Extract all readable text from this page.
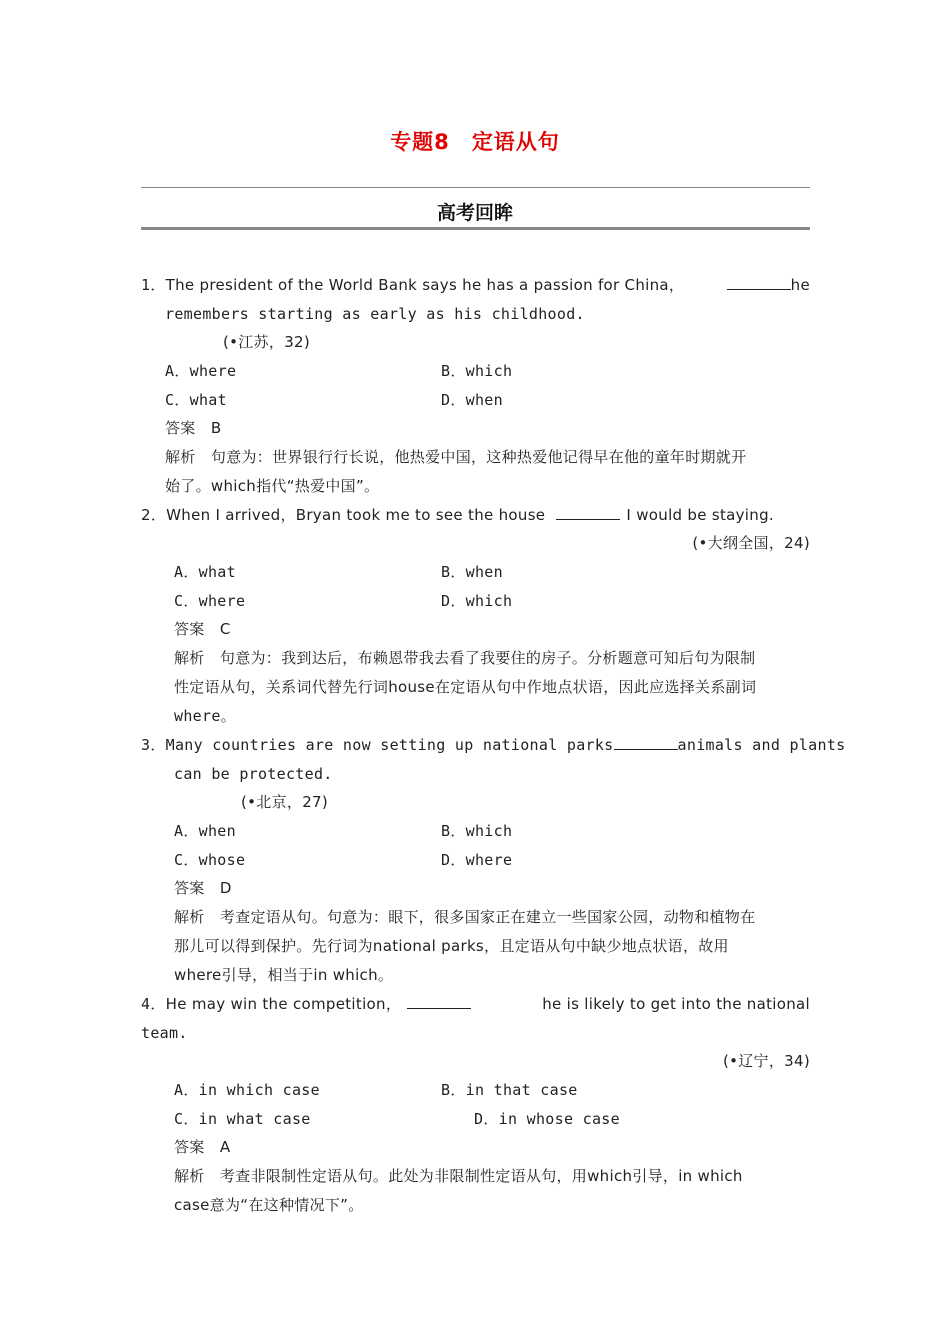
专题8 定语从句
高考回眸
1． The president of the World Bank says he has a passion for China，	he
remembers starting as early as his childhood.
(•江苏，32)
A．where	B．which
C．what	D．when
答案　B
解析　句意为：世界银行行长说，他热爱中国，这种热爱他记得早在他的童年时期就开
始了。which指代“热爱中国”。
2．When I arrived，Bryan took me to see the house	I would be staying.
(•大纲全国，24)
A．what	B．when
C．where	D．which
答案　C
解析　句意为：我到达后，布赖恩带我去看了我要住的房子。分析题意可知后句为限制
性定语从句，关系词代替先行词house在定语从句中作地点状语，因此应选择关系副词
where。
3． Many countries are now setting up national parks	animals and plants
can be protected.
(•北京，27)
A．when	B．which
C．whose	D．where
答案　D
解析　考查定语从句。句意为：眼下，很多国家正在建立一些国家公园，动物和植物在
那儿可以得到保护。先行词为national parks，且定语从句中缺少地点状语，故用
where引导，相当于in which。
4． He may win the competition，	he is likely to get into the national
team.
(•辽宁，34)
A．in which case	B．in that case
C．in what case	D．in whose case
答案　A
解析　考查非限制性定语从句。此处为非限制性定语从句，用which引导，in which
case意为“在这种情况下”。
